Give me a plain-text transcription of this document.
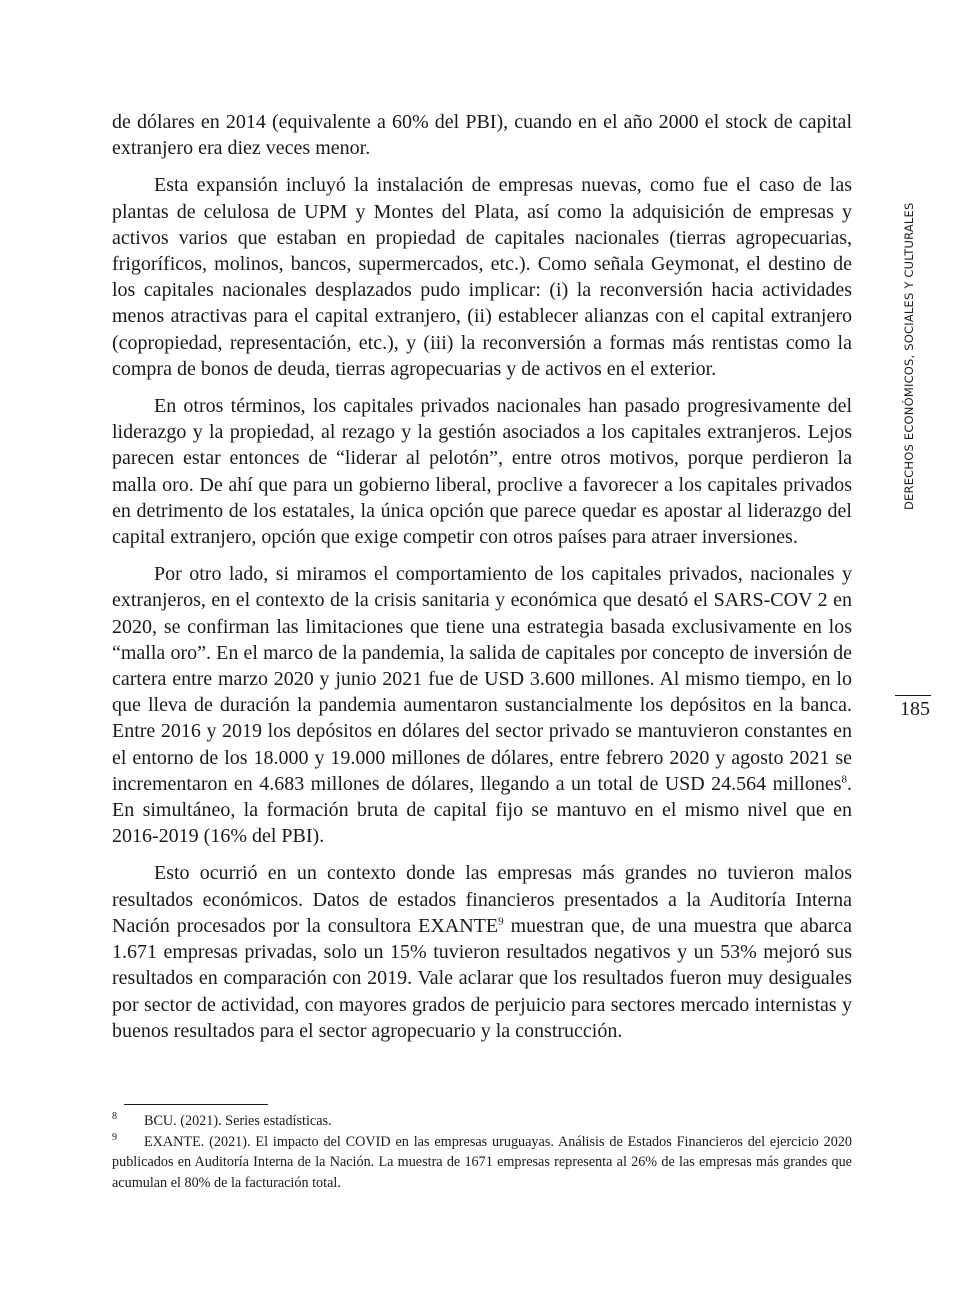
de dólares en 2014 (equivalente a 60% del PBI), cuando en el año 2000 el stock de capital extranjero era diez veces menor.

Esta expansión incluyó la instalación de empresas nuevas, como fue el caso de las plantas de celulosa de UPM y Montes del Plata, así como la adquisición de empresas y activos varios que estaban en propiedad de capitales nacionales (tierras agropecuarias, frigoríficos, molinos, bancos, supermercados, etc.). Como señala Geymonat, el destino de los capitales nacionales desplazados pudo implicar: (i) la reconversión hacia actividades menos atractivas para el capital extranjero, (ii) establecer alianzas con el capital extranjero (copropiedad, representación, etc.), y (iii) la reconversión a formas más rentistas como la compra de bonos de deuda, tierras agropecuarias y de activos en el exterior.

En otros términos, los capitales privados nacionales han pasado progresivamente del liderazgo y la propiedad, al rezago y la gestión asociados a los capitales extranjeros. Lejos parecen estar entonces de “liderar al pelotón”, entre otros motivos, porque perdieron la malla oro. De ahí que para un gobierno liberal, proclive a favorecer a los capitales privados en detrimento de los estatales, la única opción que parece quedar es apostar al liderazgo del capital extranjero, opción que exige competir con otros países para atraer inversiones.

Por otro lado, si miramos el comportamiento de los capitales privados, nacionales y extranjeros, en el contexto de la crisis sanitaria y económica que desató el SARS-COV 2 en 2020, se confirman las limitaciones que tiene una estrategia basada exclusivamente en los “malla oro”. En el marco de la pandemia, la salida de capitales por concepto de inversión de cartera entre marzo 2020 y junio 2021 fue de USD 3.600 millones. Al mismo tiempo, en lo que lleva de duración la pandemia aumentaron sustancialmente los depósitos en la banca. Entre 2016 y 2019 los depósitos en dólares del sector privado se mantuvieron constantes en el entorno de los 18.000 y 19.000 millones de dólares, entre febrero 2020 y agosto 2021 se incrementaron en 4.683 millones de dólares, llegando a un total de USD 24.564 millones$^8$. En simultáneo, la formación bruta de capital fijo se mantuvo en el mismo nivel que en 2016-2019 (16% del PBI).

Esto ocurrió en un contexto donde las empresas más grandes no tuvieron malos resultados económicos. Datos de estados financieros presentados a la Auditoría Interna Nación procesados por la consultora EXANTE$^9$ muestran que, de una muestra que abarca 1.671 empresas privadas, solo un 15% tuvieron resultados negativos y un 53% mejoró sus resultados en comparación con 2019. Vale aclarar que los resultados fueron muy desiguales por sector de actividad, con mayores grados de perjuicio para sectores mercado internistas y buenos resultados para el sector agropecuario y la construcción.

DERECHOS ECONÓMICOS, SOCIALES Y CULTURALES
185

8 BCU. (2021). Series estadísticas.

9 EXANTE. (2021). El impacto del COVID en las empresas uruguayas. Análisis de Estados Financieros del ejercicio 2020 publicados en Auditoría Interna de la Nación. La muestra de 1671 empresas representa al 26% de las empresas más grandes que acumulan el 80% de la facturación total.
